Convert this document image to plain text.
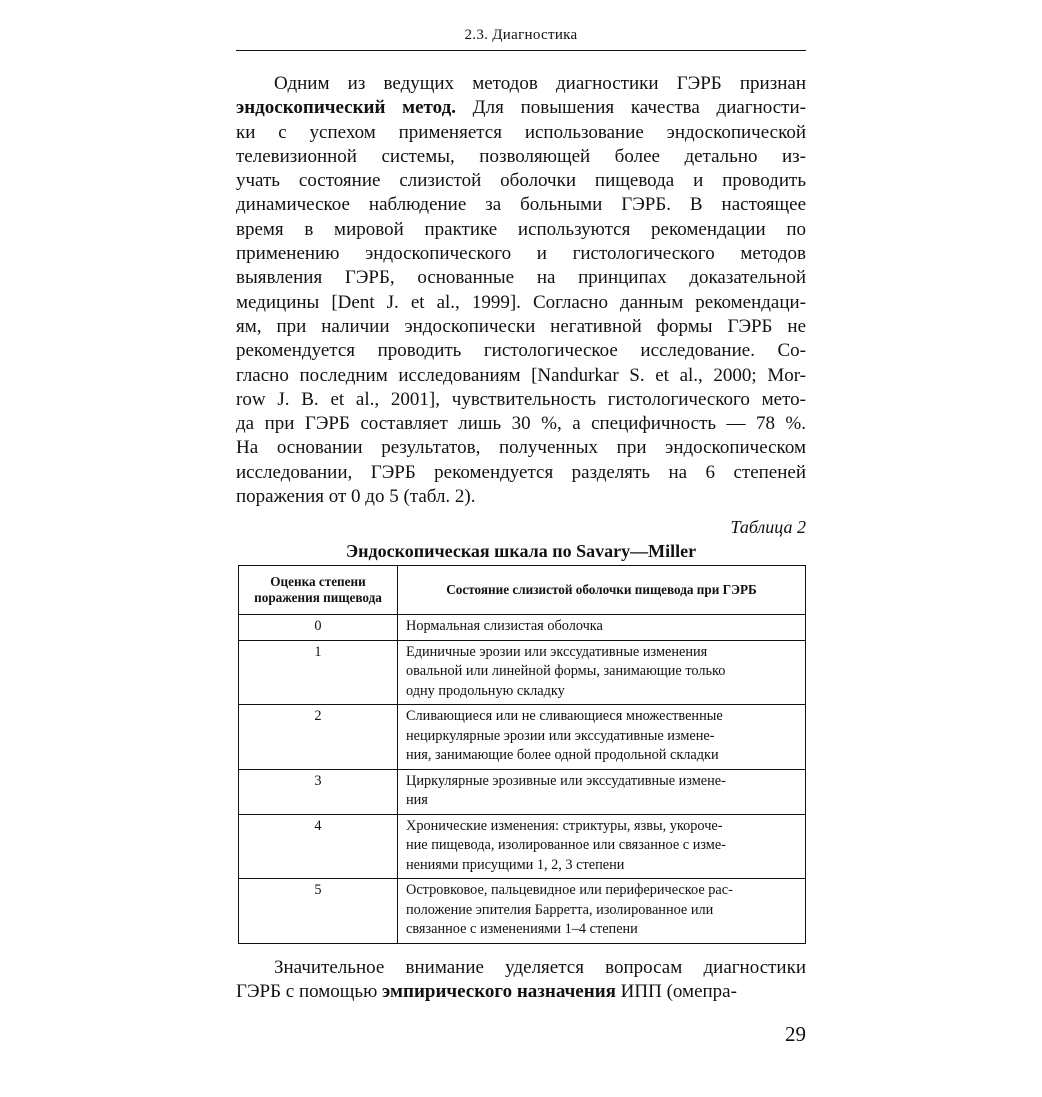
2.3. Диагностика
Одним из ведущих методов диагностики ГЭРБ признан
эндоскопический метод. Для повышения качества диагности-
ки с успехом применяется использование эндоскопической
телевизионной системы, позволяющей более детально из-
учать состояние слизистой оболочки пищевода и проводить
динамическое наблюдение за больными ГЭРБ. В настоящее
время в мировой практике используются рекомендации по
применению эндоскопического и гистологического методов
выявления ГЭРБ, основанные на принципах доказательной
медицины [Dent J. et al., 1999]. Согласно данным рекомендаци-
ям, при наличии эндоскопически негативной формы ГЭРБ не
рекомендуется проводить гистологическое исследование. Со-
гласно последним исследованиям [Nandurkar S. et al., 2000; Mor-
row J. B. et al., 2001], чувствительность гистологического мето-
да при ГЭРБ составляет лишь 30 %, а специфичность — 78 %.
На основании результатов, полученных при эндоскопическом
исследовании, ГЭРБ рекомендуется разделять на 6 степеней
поражения от 0 до 5 (табл. 2).
Таблица 2
Эндоскопическая шкала по Savary—Miller
Оценка степени
поражения пищевода	Состояние слизистой оболочки пищевода при ГЭРБ

0	Нормальная слизистая оболочка

1	Единичные эрозии или экссудативные изменения
овальной или линейной формы, занимающие только
одну продольную складку

2	Сливающиеся или не сливающиеся множественные
нециркулярные эрозии или экссудативные измене-
ния, занимающие более одной продольной складки

3	Циркулярные эрозивные или экссудативные измене-
ния

4	Хронические изменения: стриктуры, язвы, укороче-
ние пищевода, изолированное или связанное с изме-
нениями присущими 1, 2, 3 степени

5	Островковое, пальцевидное или периферическое рас-
положение эпителия Барретта, изолированное или
связанное с изменениями 1–4 степени
Значительное внимание уделяется вопросам диагностики
ГЭРБ с помощью эмпирического назначения ИПП (омепра-
29
